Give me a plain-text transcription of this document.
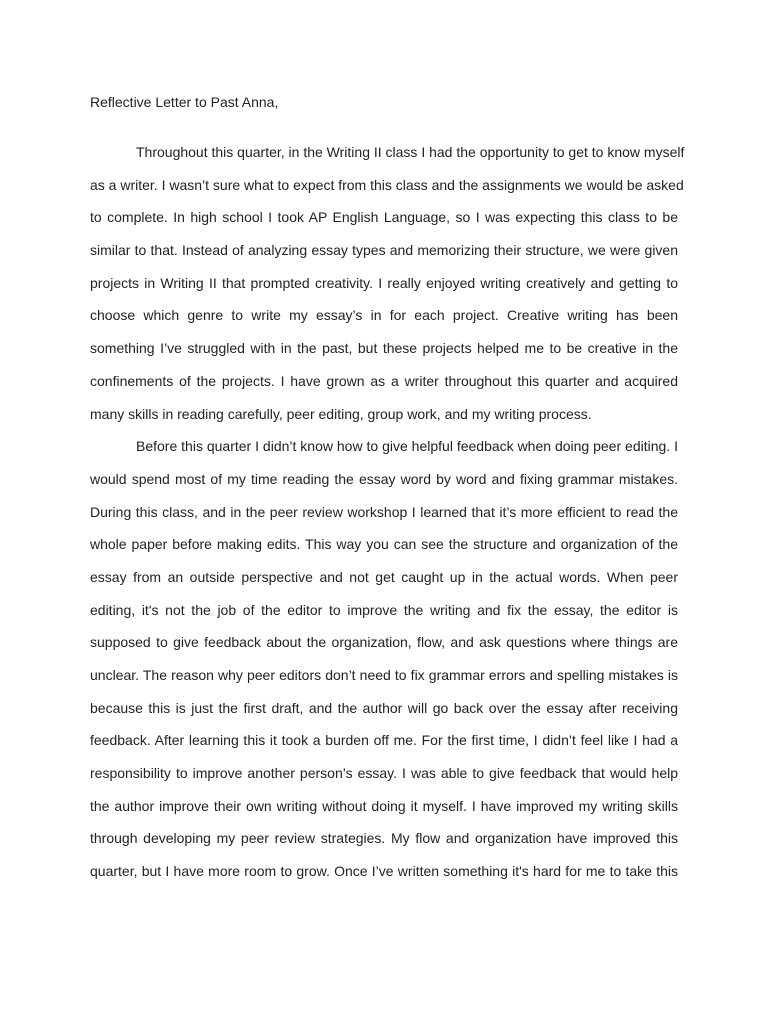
Reflective Letter to Past Anna,

Throughout this quarter, in the Writing II class I had the opportunity to get to know myself
as a writer. I wasn’t sure what to expect from this class and the assignments we would be asked
to complete. In high school I took AP English Language, so I was expecting this class to be
similar to that. Instead of analyzing essay types and memorizing their structure, we were given
projects in Writing II that prompted creativity. I really enjoyed writing creatively and getting to
choose which genre to write my essay’s in for each project. Creative writing has been
something I’ve struggled with in the past, but these projects helped me to be creative in the
confinements of the projects. I have grown as a writer throughout this quarter and acquired
many skills in reading carefully, peer editing, group work, and my writing process.
Before this quarter I didn’t know how to give helpful feedback when doing peer editing. I
would spend most of my time reading the essay word by word and fixing grammar mistakes.
During this class, and in the peer review workshop I learned that it’s more efficient to read the
whole paper before making edits. This way you can see the structure and organization of the
essay from an outside perspective and not get caught up in the actual words. When peer
editing, it's not the job of the editor to improve the writing and fix the essay, the editor is
supposed to give feedback about the organization, flow, and ask questions where things are
unclear. The reason why peer editors don’t need to fix grammar errors and spelling mistakes is
because this is just the first draft, and the author will go back over the essay after receiving
feedback. After learning this it took a burden off me. For the first time, I didn’t feel like I had a
responsibility to improve another person’s essay. I was able to give feedback that would help
the author improve their own writing without doing it myself. I have improved my writing skills
through developing my peer review strategies. My flow and organization have improved this
quarter, but I have more room to grow. Once I’ve written something it's hard for me to take this
